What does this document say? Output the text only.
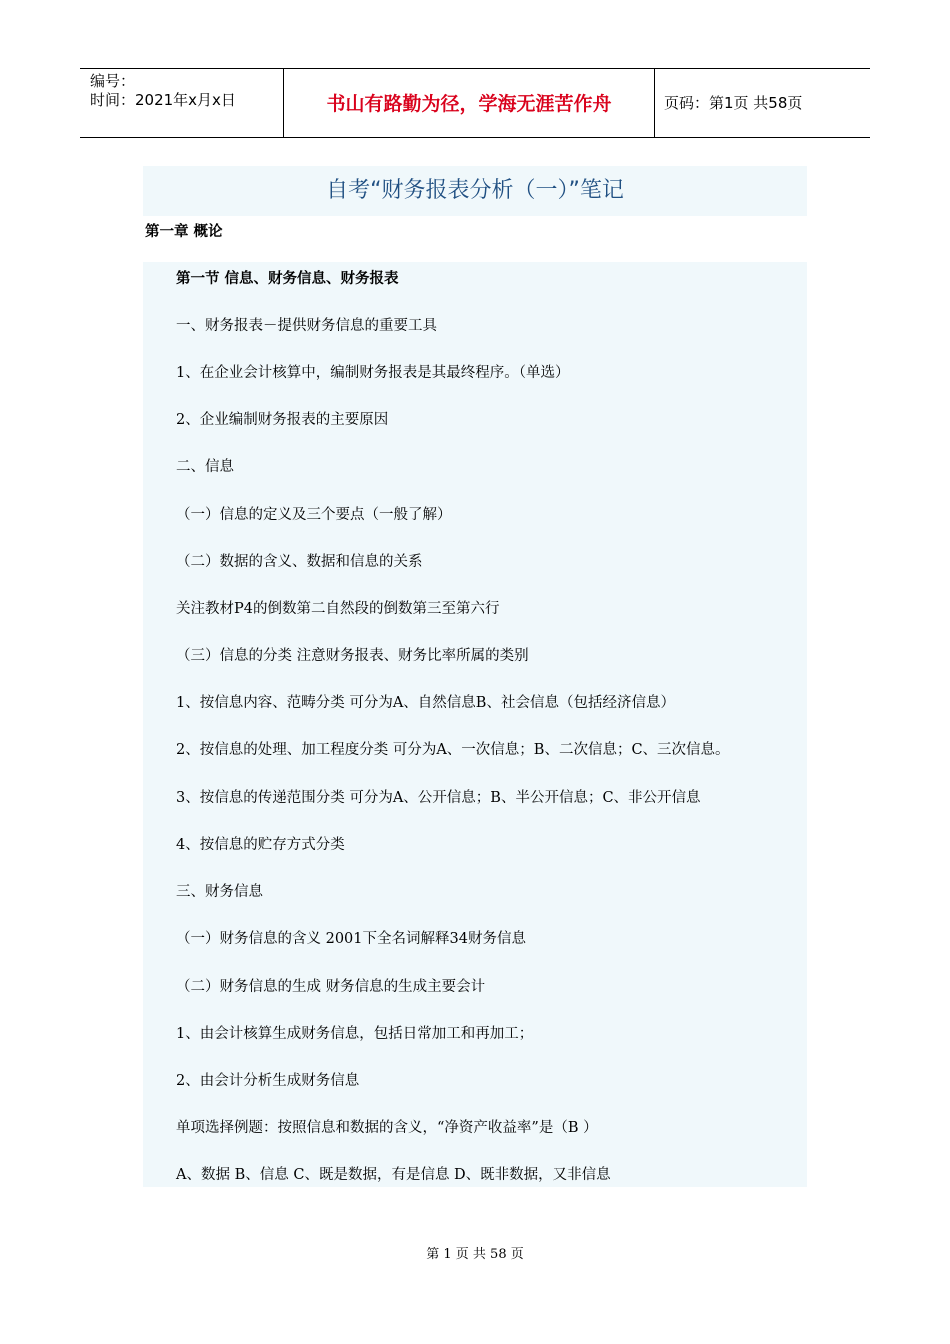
编号：
时间：2021年x月x日	书山有路勤为径，学海无涯苦作舟	页码：第1页 共58页
自考“财务报表分析（一）”笔记
第一章 概论
第一节 信息、财务信息、财务报表
一、财务报表－提供财务信息的重要工具
1、在企业会计核算中，编制财务报表是其最终程序。（单选）
2、企业编制财务报表的主要原因
二、信息
（一）信息的定义及三个要点（一般了解）
（二）数据的含义、数据和信息的关系
关注教材P4的倒数第二自然段的倒数第三至第六行
（三）信息的分类 注意财务报表、财务比率所属的类别
1、按信息内容、范畴分类 可分为A、自然信息B、社会信息（包括经济信息）
2、按信息的处理、加工程度分类 可分为A、一次信息；B、二次信息；C、三次信息。
3、按信息的传递范围分类 可分为A、公开信息；B、半公开信息；C、非公开信息
4、按信息的贮存方式分类
三、财务信息
（一）财务信息的含义 2001下全名词解释34财务信息
（二）财务信息的生成 财务信息的生成主要会计
1、由会计核算生成财务信息，包括日常加工和再加工；
2、由会计分析生成财务信息
单项选择例题：按照信息和数据的含义，“净资产收益率”是（B ）
A、数据 B、信息 C、既是数据，有是信息 D、既非数据，又非信息
第 1 页 共 58 页
